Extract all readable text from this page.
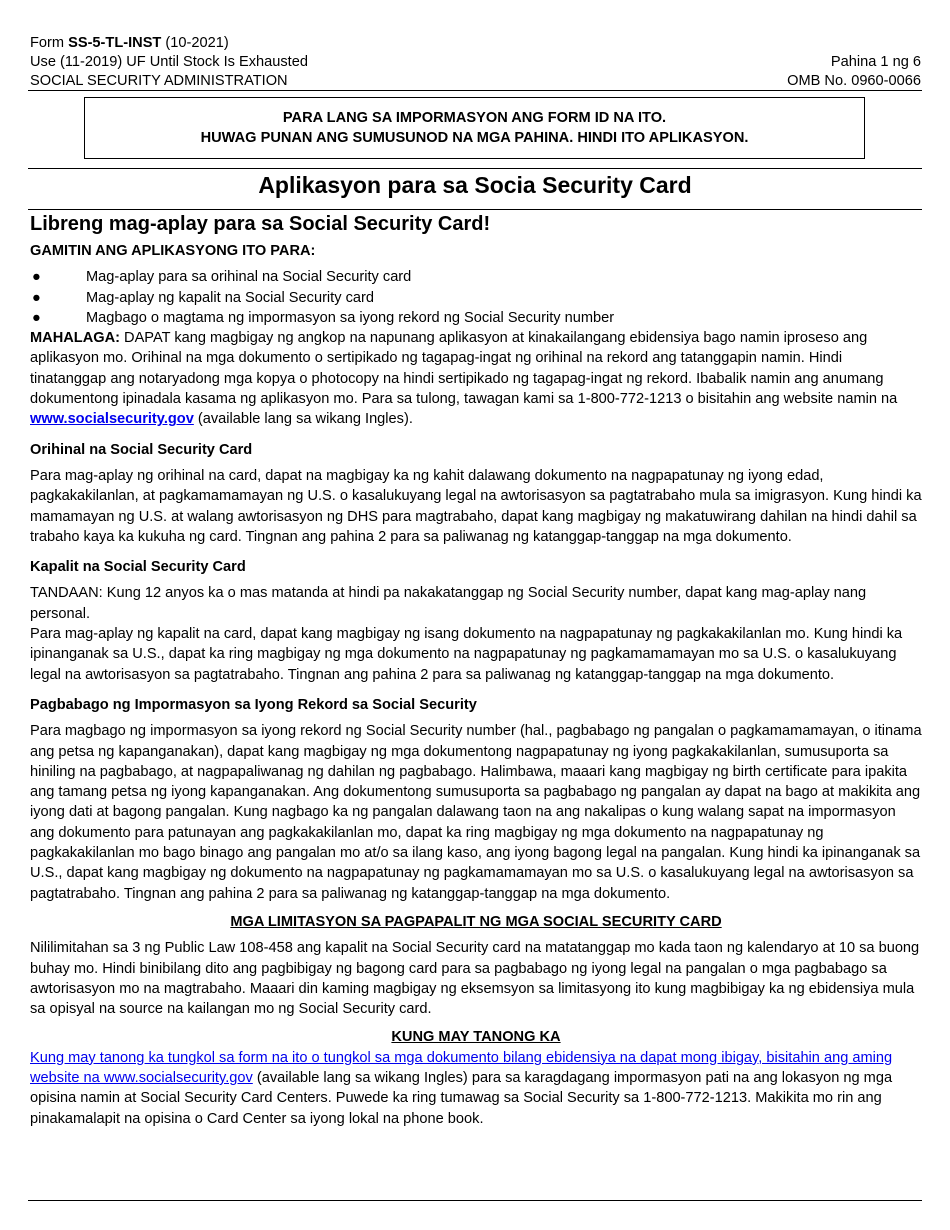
Form SS-5-TL-INST (10-2021)
Use (11-2019) UF Until Stock Is Exhausted
SOCIAL SECURITY ADMINISTRATION
Pahina 1 ng 6
OMB No. 0960-0066
PARA LANG SA IMPORMASYON ANG FORM ID NA ITO.
HUWAG PUNAN ANG SUMUSUNOD NA MGA PAHINA. HINDI ITO APLIKASYON.
Aplikasyon para sa Socia Security Card
Libreng mag-aplay para sa Social Security Card!
GAMITIN ANG APLIKASYONG ITO PARA:
●	Mag-aplay para sa orihinal na Social Security card
●	Mag-aplay ng kapalit na Social Security card
●	Magbago o magtama ng impormasyon sa iyong rekord ng Social Security number

MAHALAGA: DAPAT kang magbigay ng angkop na napunang aplikasyon at kinakailangang ebidensiya bago namin iproseso ang aplikasyon mo. Orihinal na mga dokumento o sertipikado ng tagapag-ingat ng orihinal na rekord ang tatanggapin namin. Hindi tinatanggap ang notaryadong mga kopya o photocopy na hindi sertipikado ng tagapag-ingat ng rekord. Ibabalik namin ang anumang dokumentong ipinadala kasama ng aplikasyon mo. Para sa tulong, tawagan kami sa 1-800-772-1213 o bisitahin ang website namin na www.socialsecurity.gov (available lang sa wikang Ingles).

Orihinal na Social Security Card

Para mag-aplay ng orihinal na card, dapat na magbigay ka ng kahit dalawang dokumento na nagpapatunay ng iyong edad, pagkakakilanlan, at pagkamamamayan ng U.S. o kasalukuyang legal na awtorisasyon sa pagtatrabaho mula sa imigrasyon. Kung hindi ka mamamayan ng U.S. at walang awtorisasyon ng DHS para magtrabaho, dapat kang magbigay ng makatuwirang dahilan na hindi dahil sa trabaho kaya ka kukuha ng card. Tingnan ang pahina 2 para sa paliwanag ng katanggap-tanggap na mga dokumento.

Kapalit na Social Security Card

TANDAAN: Kung 12 anyos ka o mas matanda at hindi pa nakakatanggap ng Social Security number, dapat kang mag-aplay nang personal.

Para mag-aplay ng kapalit na card, dapat kang magbigay ng isang dokumento na nagpapatunay ng pagkakakilanlan mo. Kung hindi ka ipinanganak sa U.S., dapat ka ring magbigay ng mga dokumento na nagpapatunay ng pagkamamamayan mo sa U.S. o kasalukuyang legal na awtorisasyon sa pagtatrabaho. Tingnan ang pahina 2 para sa paliwanag ng katanggap-tanggap na mga dokumento.

Pagbabago ng Impormasyon sa Iyong Rekord sa Social Security

Para magbago ng impormasyon sa iyong rekord ng Social Security number (hal., pagbabago ng pangalan o pagkamamamayan, o itinama ang petsa ng kapanganakan), dapat kang magbigay ng mga dokumentong nagpapatunay ng iyong pagkakakilanlan, sumusuporta sa hiniling na pagbabago, at nagpapaliwanag ng dahilan ng pagbabago. Halimbawa, maaari kang magbigay ng birth certificate para ipakita ang tamang petsa ng iyong kapanganakan. Ang dokumentong sumusuporta sa pagbabago ng pangalan ay dapat na bago at makikita ang iyong dati at bagong pangalan. Kung nagbago ka ng pangalan dalawang taon na ang nakalipas o kung walang sapat na impormasyon ang dokumento para patunayan ang pagkakakilanlan mo, dapat ka ring magbigay ng mga dokumento na nagpapatunay ng pagkakakilanlan mo bago binago ang pangalan mo at/o sa ilang kaso, ang iyong bagong legal na pangalan. Kung hindi ka ipinanganak sa U.S., dapat kang magbigay ng dokumento na nagpapatunay ng pagkamamamayan mo sa U.S. o kasalukuyang legal na awtorisasyon sa pagtatrabaho. Tingnan ang pahina 2 para sa paliwanag ng katanggap-tanggap na mga dokumento.

MGA LIMITASYON SA PAGPAPALIT NG MGA SOCIAL SECURITY CARD

Nililimitahan sa 3 ng Public Law 108-458 ang kapalit na Social Security card na matatanggap mo kada taon ng kalendaryo at 10 sa buong buhay mo. Hindi binibilang dito ang pagbibigay ng bagong card para sa pagbabago ng iyong legal na pangalan o mga pagbabago sa awtorisasyon mo na magtrabaho. Maaari din kaming magbigay ng eksemsyon sa limitasyong ito kung magbibigay ka ng ebidensiya mula sa opisyal na source na kailangan mo ng Social Security card.

KUNG MAY TANONG KA

Kung may tanong ka tungkol sa form na ito o tungkol sa mga dokumento bilang ebidensiya na dapat mong ibigay, bisitahin ang aming website na www.socialsecurity.gov (available lang sa wikang Ingles) para sa karagdagang impormasyon pati na ang lokasyon ng mga opisina namin at Social Security Card Centers. Puwede ka ring tumawag sa Social Security sa 1-800-772-1213. Makikita mo rin ang pinakamalapit na opisina o Card Center sa iyong lokal na phone book.
